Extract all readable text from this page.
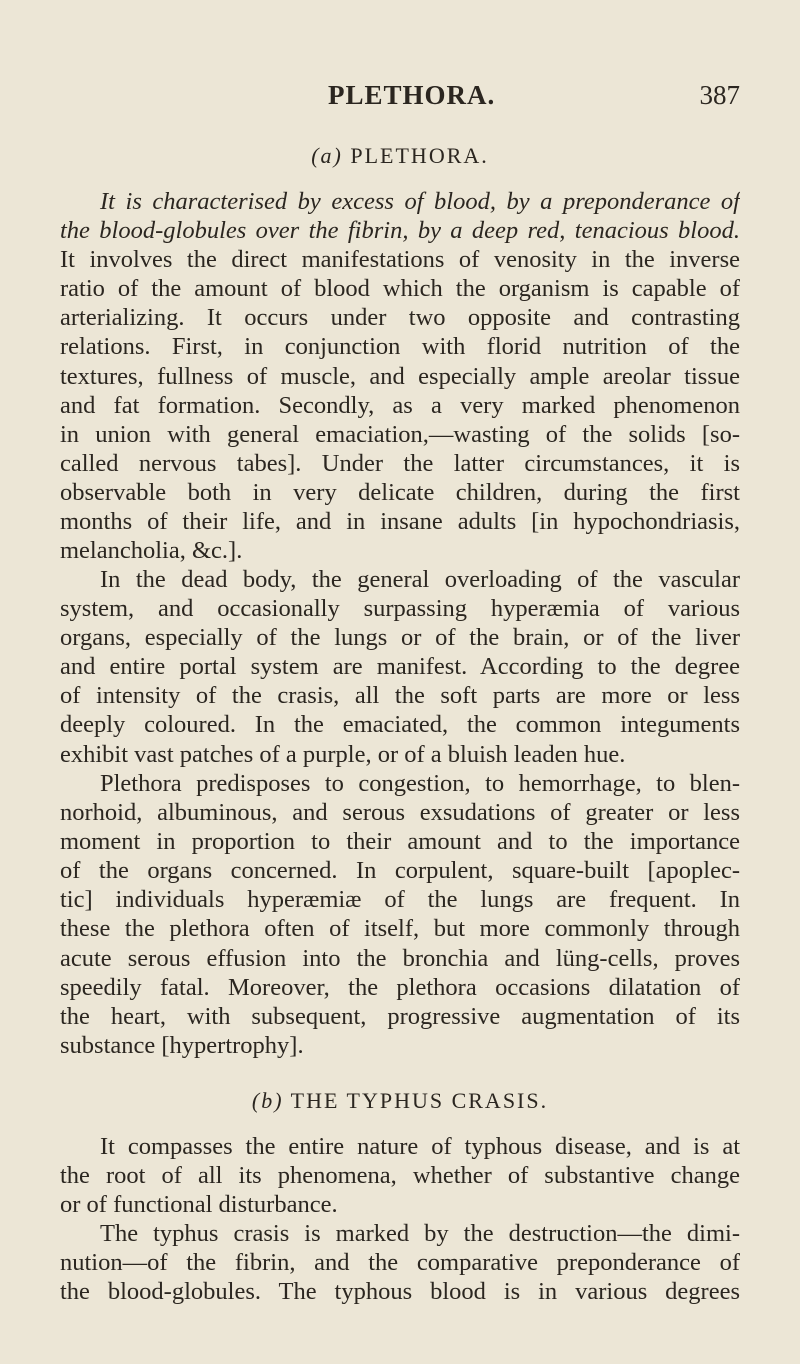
PLETHORA.	387
(a) PLETHORA.
It is characterised by excess of blood, by a preponderance of
the blood-globules over the fibrin, by a deep red, tenacious blood.
It involves the direct manifestations of venosity in the inverse
ratio of the amount of blood which the organism is capable of
arterializing. It occurs under two opposite and contrasting
relations. First, in conjunction with florid nutrition of the
textures, fullness of muscle, and especially ample areolar tissue
and fat formation. Secondly, as a very marked phenomenon
in union with general emaciation,—wasting of the solids [so-
called nervous tabes]. Under the latter circumstances, it is
observable both in very delicate children, during the first
months of their life, and in insane adults [in hypochondriasis,
melancholia, &c.].
In the dead body, the general overloading of the vascular
system, and occasionally surpassing hyperæmia of various
organs, especially of the lungs or of the brain, or of the liver
and entire portal system are manifest. According to the degree
of intensity of the crasis, all the soft parts are more or less
deeply coloured. In the emaciated, the common integuments
exhibit vast patches of a purple, or of a bluish leaden hue.
Plethora predisposes to congestion, to hemorrhage, to blen-
norhoid, albuminous, and serous exsudations of greater or less
moment in proportion to their amount and to the importance
of the organs concerned. In corpulent, square-built [apoplec-
tic] individuals hyperæmiæ of the lungs are frequent. In
these the plethora often of itself, but more commonly through
acute serous effusion into the bronchia and lüng-cells, proves
speedily fatal. Moreover, the plethora occasions dilatation of
the heart, with subsequent, progressive augmentation of its
substance [hypertrophy].
(b) THE TYPHUS CRASIS.
It compasses the entire nature of typhous disease, and is at
the root of all its phenomena, whether of substantive change
or of functional disturbance.
The typhus crasis is marked by the destruction—the dimi-
nution—of the fibrin, and the comparative preponderance of
the blood-globules. The typhous blood is in various degrees
